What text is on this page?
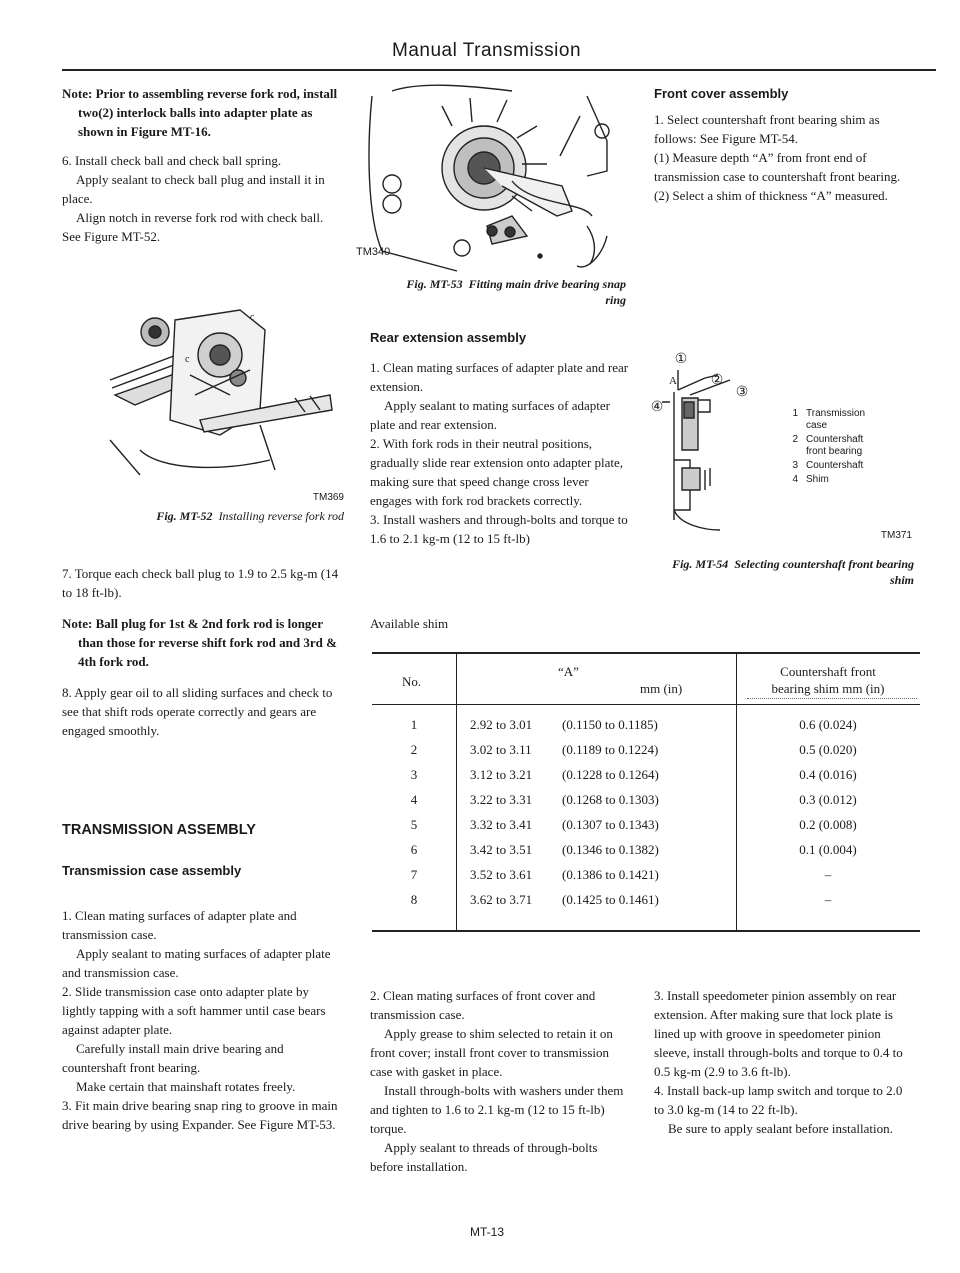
Manual Transmission
Note: Prior to assembling reverse fork rod, install two(2) interlock balls into adapter plate as shown in Figure MT-16.
6. Install check ball and check ball spring.
Apply sealant to check ball plug and install it in place.
Align notch in reverse fork rod with check ball. See Figure MT-52.
c
c
TM369
Fig. MT-52 Installing reverse fork rod
7. Torque each check ball plug to 1.9 to 2.5 kg-m (14 to 18 ft-lb).
Note: Ball plug for 1st & 2nd fork rod is longer than those for reverse shift fork rod and 3rd & 4th fork rod.
8. Apply gear oil to all sliding surfaces and check to see that shift rods operate correctly and gears are engaged smoothly.
TRANSMISSION ASSEMBLY
Transmission case assembly
1. Clean mating surfaces of adapter plate and transmission case.
Apply sealant to mating surfaces of adapter plate and transmission case.
2. Slide transmission case onto adapter plate by lightly tapping with a soft hammer until case bears against adapter plate.
Carefully install main drive bearing and countershaft front bearing.
Make certain that mainshaft rotates freely.
3. Fit main drive bearing snap ring to groove in main drive bearing by using Expander. See Figure MT-53.
TM340
Fig. MT-53 Fitting main drive bearing snap ring
Rear extension assembly
1. Clean mating surfaces of adapter plate and rear extension.
Apply sealant to mating surfaces of adapter plate and rear extension.
2. With fork rods in their neutral positions, gradually slide rear extension onto adapter plate, making sure that speed change cross lever engages with fork rod brackets correctly.
3. Install washers and through-bolts and torque to 1.6 to 2.1 kg-m (12 to 15 ft-lb)
Available shim
Front cover assembly
1. Select countershaft front bearing shim as follows: See Figure MT-54.
(1) Measure depth “A” from front end of transmission case to countershaft front bearing.
(2) Select a shim of thickness “A” measured.
①
②
③
④
A
1 Transmission case
2 Countershaft front bearing
3 Countershaft
4 Shim
TM371
Fig. MT-54 Selecting countershaft front bearing shim
No.
“A”
mm (in)
Countershaft front
bearing shim mm (in)
1	2.92 to 3.01	(0.1150 to 0.1185)	0.6 (0.024)
2	3.02 to 3.11	(0.1189 to 0.1224)	0.5 (0.020)
3	3.12 to 3.21	(0.1228 to 0.1264)	0.4 (0.016)
4	3.22 to 3.31	(0.1268 to 0.1303)	0.3 (0.012)
5	3.32 to 3.41	(0.1307 to 0.1343)	0.2 (0.008)
6	3.42 to 3.51	(0.1346 to 0.1382)	0.1 (0.004)
7	3.52 to 3.61	(0.1386 to 0.1421)	–
8	3.62 to 3.71	(0.1425 to 0.1461)	–
2. Clean mating surfaces of front cover and transmission case.
Apply grease to shim selected to retain it on front cover; install front cover to transmission case with gasket in place.
Install through-bolts with washers under them and tighten to 1.6 to 2.1 kg-m (12 to 15 ft-lb) torque.
Apply sealant to threads of through-bolts before installation.
3. Install speedometer pinion assembly on rear extension. After making sure that lock plate is lined up with groove in speedometer pinion sleeve, install through-bolts and torque to 0.4 to 0.5 kg-m (2.9 to 3.6 ft-lb).
4. Install back-up lamp switch and torque to 2.0 to 3.0 kg-m (14 to 22 ft-lb).
Be sure to apply sealant before installation.
MT-13
